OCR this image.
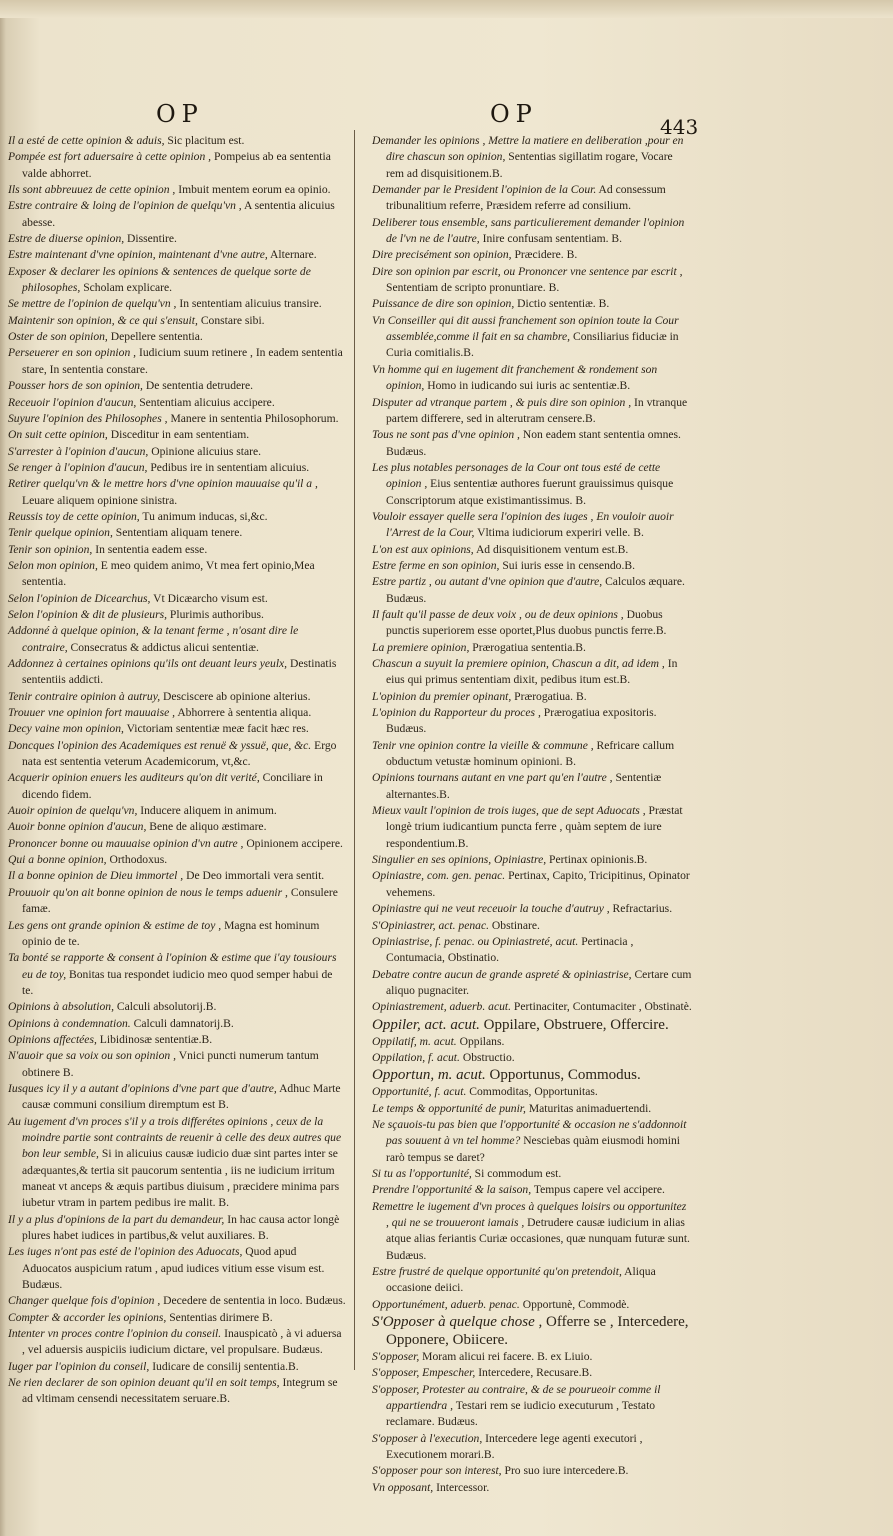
OP	OP	443

Il a esté de cette opinion & aduis, Sic placitum est.

Pompée est fort aduersaire à cette opinion , Pompeius ab ea sententia valde abhorret.

Ils sont abbreuuez de cette opinion , Imbuit mentem eorum ea opinio.

Estre contraire & loing de l'opinion de quelqu'vn , A sententia alicuius abesse.

Estre de diuerse opinion, Dissentire.

Estre maintenant d'vne opinion, maintenant d'vne autre, Alternare.

Exposer & declarer les opinions & sentences de quelque sorte de philosophes, Scholam explicare.

Se mettre de l'opinion de quelqu'vn , In sententiam alicuius transire.

Maintenir son opinion, & ce qui s'ensuit, Constare sibi.

Oster de son opinion, Depellere sententia.

Perseuerer en son opinion , Iudicium suum retinere , In eadem sententia stare, In sententia constare.

Pousser hors de son opinion, De sententia detrudere.

Receuoir l'opinion d'aucun, Sententiam alicuius accipere.

Suyure l'opinion des Philosophes , Manere in sententia Philosophorum.

On suit cette opinion, Disceditur in eam sententiam.

S'arrester à l'opinion d'aucun, Opinione alicuius stare.

Se renger à l'opinion d'aucun, Pedibus ire in sententiam alicuius.

Retirer quelqu'vn & le mettre hors d'vne opinion mauuaise qu'il a , Leuare aliquem opinione sinistra.

Reussis toy de cette opinion, Tu animum inducas, si,&c.

Tenir quelque opinion, Sententiam aliquam tenere.

Tenir son opinion, In sententia eadem esse.

Selon mon opinion, E meo quidem animo, Vt mea fert opinio,Mea sententia.

Selon l'opinion de Dicearchus, Vt Dicæarcho visum est.

Selon l'opinion & dit de plusieurs, Plurimis authoribus.

Addonné à quelque opinion, & la tenant ferme , n'osant dire le contraire, Consecratus & addictus alicui sententiæ.

Addonnez à certaines opinions qu'ils ont deuant leurs yeulx, Destinatis sententiis addicti.

Tenir contraire opinion à autruy, Desciscere ab opinione alterius.

Trouuer vne opinion fort mauuaise , Abhorrere à sententia aliqua.

Decy vaine mon opinion, Victoriam sententiæ meæ facit hæc res.

Doncques l'opinion des Academiques est renuë & yssuë, que, &c. Ergo nata est sententia veterum Academicorum, vt,&c.

Acquerir opinion enuers les auditeurs qu'on dit verité, Conciliare in dicendo fidem.

Auoir opinion de quelqu'vn, Inducere aliquem in animum.

Auoir bonne opinion d'aucun, Bene de aliquo æstimare.

Prononcer bonne ou mauuaise opinion d'vn autre , Opinionem accipere.

Qui a bonne opinion, Orthodoxus.

Il a bonne opinion de Dieu immortel , De Deo immortali vera sentit.

Prouuoir qu'on ait bonne opinion de nous le temps aduenir , Consulere famæ.

Les gens ont grande opinion & estime de toy , Magna est hominum opinio de te.

Ta bonté se rapporte & consent à l'opinion & estime que i'ay tousiours eu de toy, Bonitas tua respondet iudicio meo quod semper habui de te.

Opinions à absolution, Calculi absolutorij.B.

Opinions à condemnation. Calculi damnatorij.B.

Opinions affectées, Libidinosæ sententiæ.B.

N'auoir que sa voix ou son opinion , Vnici puncti numerum tantum obtinere B.

Iusques icy il y a autant d'opinions d'vne part que d'autre, Adhuc Marte causæ communi consilium diremptum est B.

Au iugement d'vn proces s'il y a trois differétes opinions , ceux de la moindre partie sont contraints de reuenir à celle des deux autres que bon leur semble, Si in alicuius causæ iudicio duæ sint partes inter se adæquantes,& tertia sit paucorum sententia , iis ne iudicium irritum maneat vt anceps & æquis partibus diuisum , præcidere minima pars iubetur vtram in partem pedibus ire malit. B.

Il y a plus d'opinions de la part du demandeur, In hac causa actor longè plures habet iudices in partibus,& velut auxiliares. B.

Les iuges n'ont pas esté de l'opinion des Aduocats, Quod apud Aduocatos auspicium ratum , apud iudices vitium esse visum est. Budæus.

Changer quelque fois d'opinion , Decedere de sententia in loco. Budæus.

Compter & accorder les opinions, Sententias dirimere B.

Intenter vn proces contre l'opinion du conseil. Inauspicatò , à vi aduersa , vel aduersis auspiciis iudicium dictare, vel propulsare. Budæus.

Iuger par l'opinion du conseil, Iudicare de consilij sententia.B.

Ne rien declarer de son opinion deuant qu'il en soit temps, Integrum se ad vltimam censendi necessitatem seruare.B.

Demander les opinions , Mettre la matiere en deliberation ,pour en dire chascun son opinion, Sententias sigillatim rogare, Vocare rem ad disquisitionem.B.

Demander par le President l'opinion de la Cour. Ad consessum tribunalitium referre, Præsidem referre ad consilium.

Deliberer tous ensemble, sans particulierement demander l'opinion de l'vn ne de l'autre, Inire confusam sententiam. B.

Dire precisément son opinion, Præcidere. B.

Dire son opinion par escrit, ou Prononcer vne sentence par escrit , Sententiam de scripto pronuntiare. B.

Puissance de dire son opinion, Dictio sententiæ. B.

Vn Conseiller qui dit aussi franchement son opinion toute la Cour assemblée,comme il fait en sa chambre, Consiliarius fiduciæ in Curia comitialis.B.

Vn homme qui en iugement dit franchement & rondement son opinion, Homo in iudicando sui iuris ac sententiæ.B.

Disputer ad vtranque partem , & puis dire son opinion , In vtranque partem differere, sed in alterutram censere.B.

Tous ne sont pas d'vne opinion , Non eadem stant sententia omnes. Budæus.

Les plus notables personages de la Cour ont tous esté de cette opinion , Eius sententiæ authores fuerunt grauissimus quisque Conscriptorum atque existimantissimus. B.

Vouloir essayer quelle sera l'opinion des iuges , En vouloir auoir l'Arrest de la Cour, Vltima iudiciorum experiri velle. B.

L'on est aux opinions, Ad disquisitionem ventum est.B.

Estre ferme en son opinion, Sui iuris esse in censendo.B.

Estre partiz , ou autant d'vne opinion que d'autre, Calculos æquare. Budæus.

Il fault qu'il passe de deux voix , ou de deux opinions , Duobus punctis superiorem esse oportet,Plus duobus punctis ferre.B.

La premiere opinion, Prærogatiua sententia.B.

Chascun a suyuit la premiere opinion, Chascun a dit, ad idem , In eius qui primus sententiam dixit, pedibus itum est.B.

L'opinion du premier opinant, Prærogatiua. B.

L'opinion du Rapporteur du proces , Prærogatiua expositoris. Budæus.

Tenir vne opinion contre la vieille & commune , Refricare callum obductum vetustæ hominum opinioni. B.

Opinions tournans autant en vne part qu'en l'autre , Sententiæ alternantes.B.

Mieux vault l'opinion de trois iuges, que de sept Aduocats , Præstat longè trium iudicantium puncta ferre , quàm septem de iure respondentium.B.

Singulier en ses opinions, Opiniastre, Pertinax opinionis.B.

Opiniastre, com. gen. penac. Pertinax, Capito, Tricipitinus, Opinator vehemens.

Opiniastre qui ne veut receuoir la touche d'autruy , Refractarius.

S'Opiniastrer, act. penac. Obstinare.

Opiniastrise, f. penac. ou Opiniastreté, acut. Pertinacia , Contumacia, Obstinatio.

Debatre contre aucun de grande aspreté & opiniastrise, Certare cum aliquo pugnaciter.

Opiniastrement, aduerb. acut. Pertinaciter, Contumaciter , Obstinatè.

Oppiler, act. acut. Oppilare, Obstruere, Offercire.

Oppilatif, m. acut. Oppilans.

Oppilation, f. acut. Obstructio.

Opportun, m. acut. Opportunus, Commodus.

Opportunité, f. acut. Commoditas, Opportunitas.

Le temps & opportunité de punir, Maturitas animaduertendi.

Ne sçauois-tu pas bien que l'opportunité & occasion ne s'addonnoit pas souuent à vn tel homme? Nesciebas quàm eiusmodi homini rarò tempus se daret?

Si tu as l'opportunité, Si commodum est.

Prendre l'opportunité & la saison, Tempus capere vel accipere.

Remettre le iugement d'vn proces à quelques loisirs ou opportunitez , qui ne se trouueront iamais , Detrudere causæ iudicium in alias atque alias feriantis Curiæ occasiones, quæ nunquam futuræ sunt. Budæus.

Estre frustré de quelque opportunité qu'on pretendoit, Aliqua occasione deiici.

Opportunément, aduerb. penac. Opportunè, Commodè.

S'Opposer à quelque chose , Offerre se , Intercedere, Opponere, Obiicere.

S'opposer, Moram alicui rei facere. B. ex Liuio.

S'opposer, Empescher, Intercedere, Recusare.B.

S'opposer, Protester au contraire, & de se pourueoir comme il appartiendra , Testari rem se iudicio executurum , Testato reclamare. Budæus.

S'opposer à l'execution, Intercedere lege agenti executori , Executionem morari.B.

S'opposer pour son interest, Pro suo iure intercedere.B.

Vn opposant, Intercessor.
